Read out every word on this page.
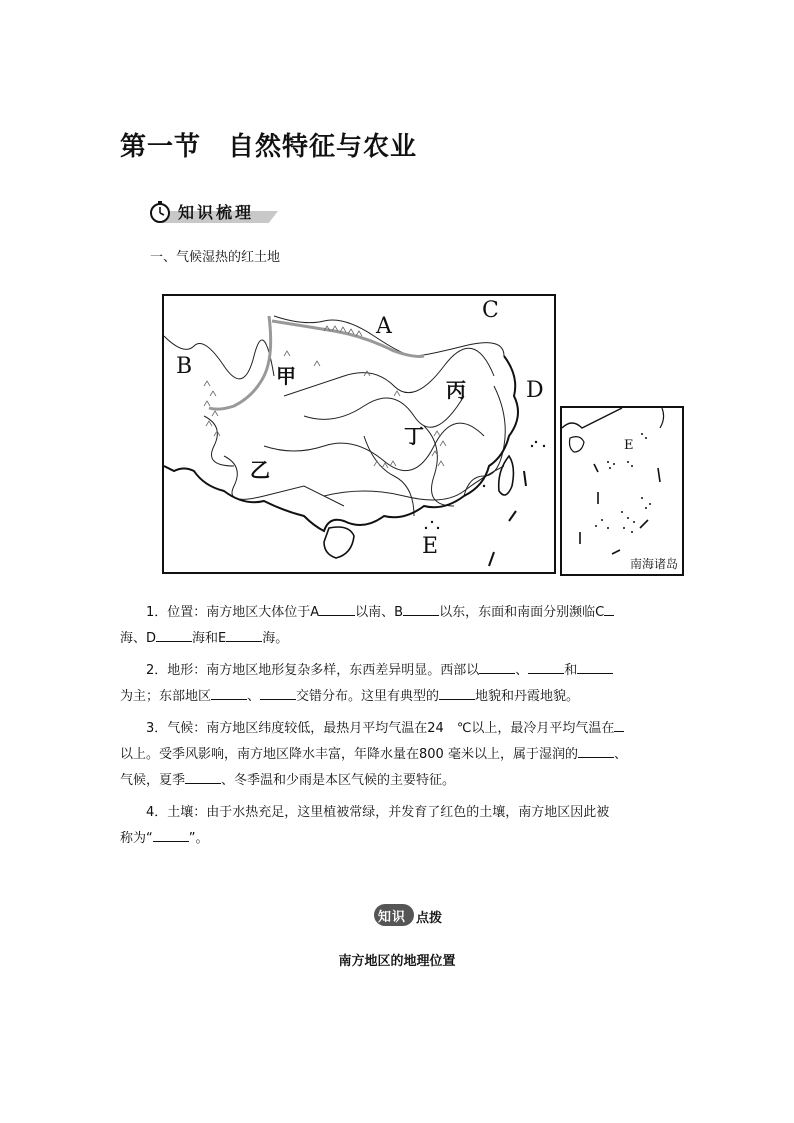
第一节　自然特征与农业
知识梳理
一、气候湿热的红土地
A
B
C
D
E
甲
乙
丙
丁	E
南海诸岛
1．位置：南方地区大体位于A	以南、B	以东，东面和南面分别濒临C
海、D	海和E	海。
2．地形：南方地区地形复杂多样，东西差异明显。西部以	、	和
为主；东部地区	、	交错分布。这里有典型的	地貌和丹霞地貌。
3．气候：南方地区纬度较低，最热月平均气温在24　℃以上，最冷月平均气温在
以上。受季风影响，南方地区降水丰富，年降水量在800 毫米以上，属于湿润的	、
气候，夏季	、冬季温和少雨是本区气候的主要特征。
4．土壤：由于水热充足，这里植被常绿，并发育了红色的土壤，南方地区因此被
称为“	”。
知识 点拨
南方地区的地理位置
